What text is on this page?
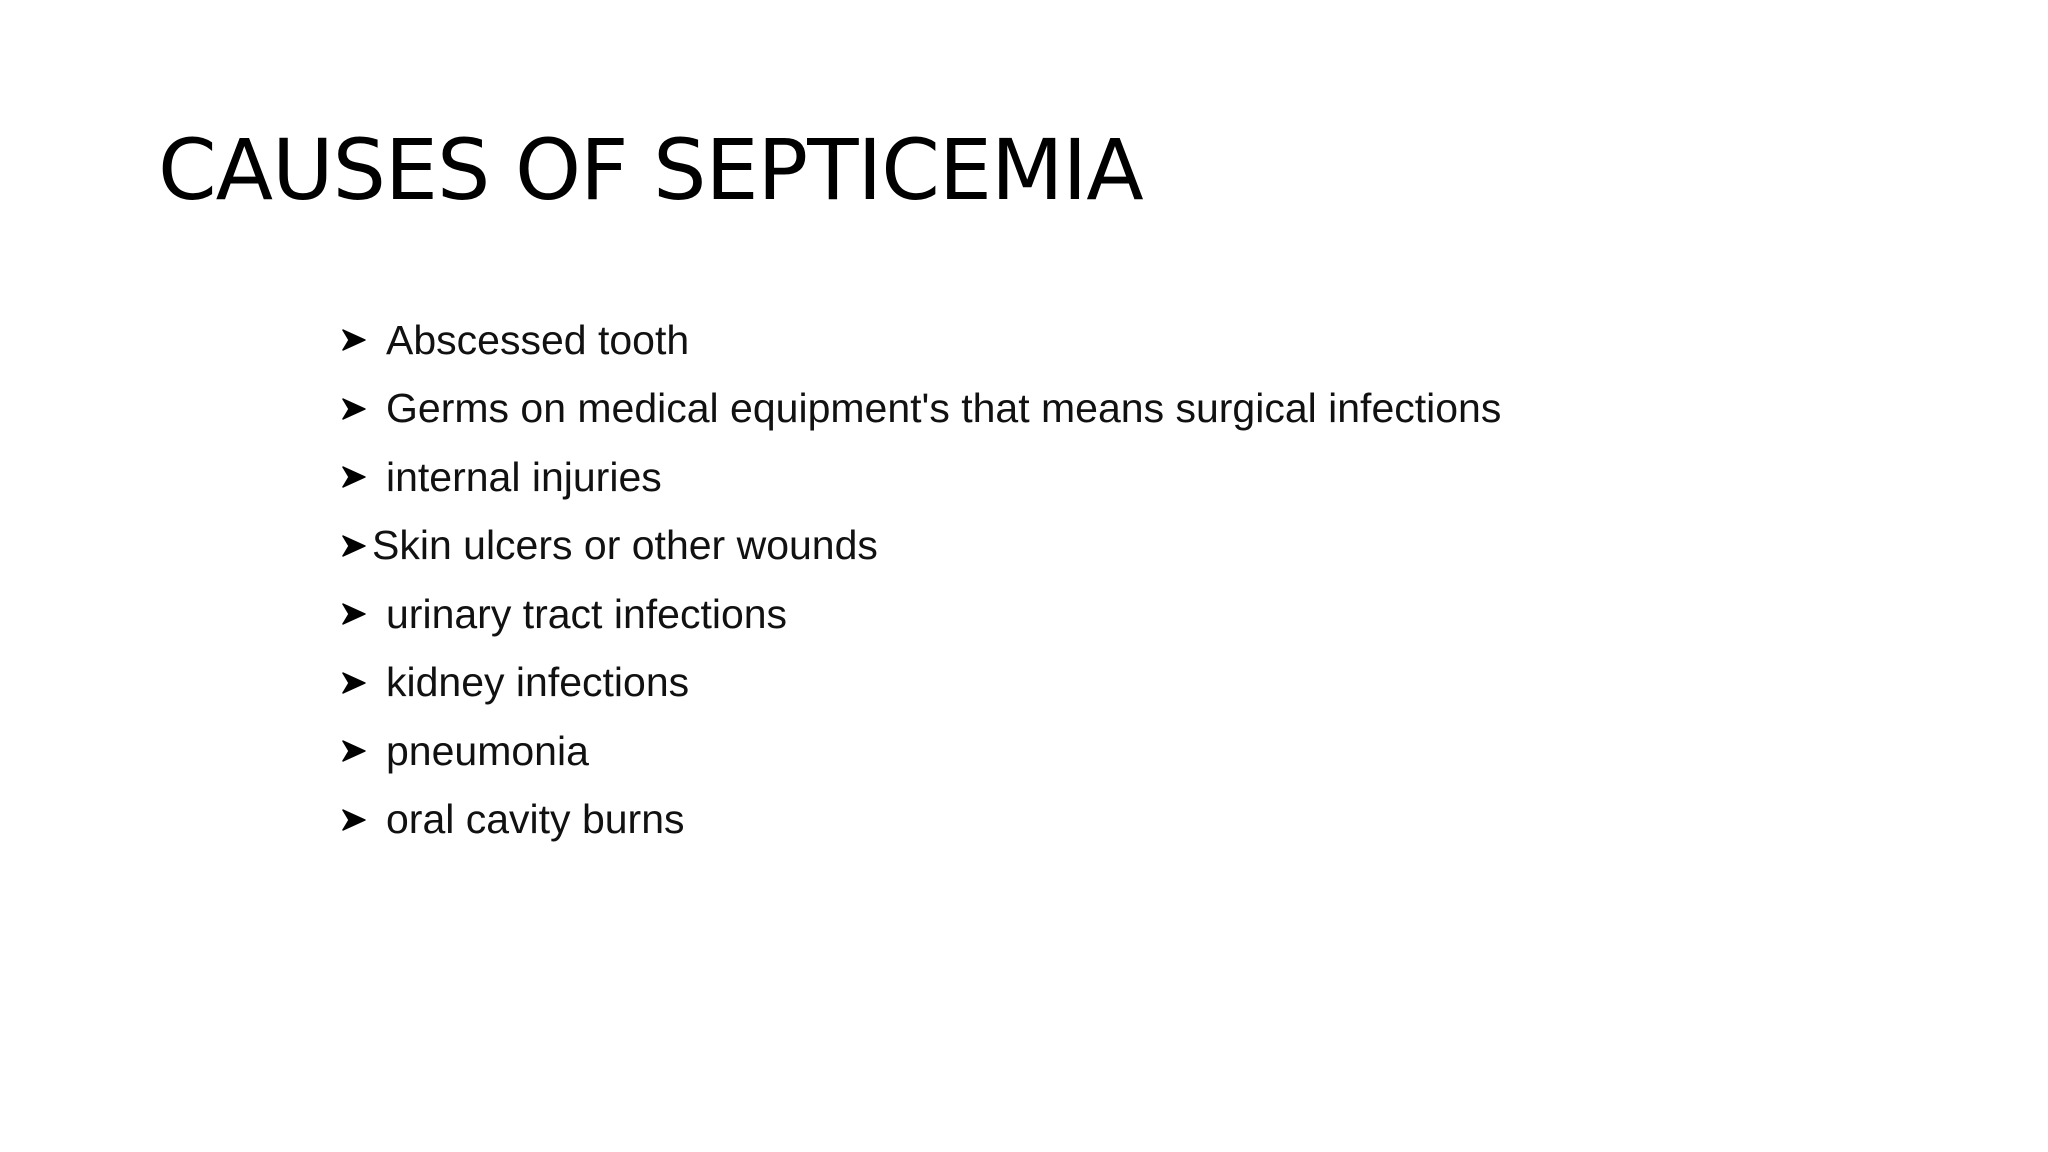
CAUSES OF SEPTICEMIA
Abscessed tooth
Germs on medical equipment's that means surgical infections
internal injuries
Skin ulcers or other wounds
urinary tract infections
kidney infections
pneumonia
oral cavity burns
